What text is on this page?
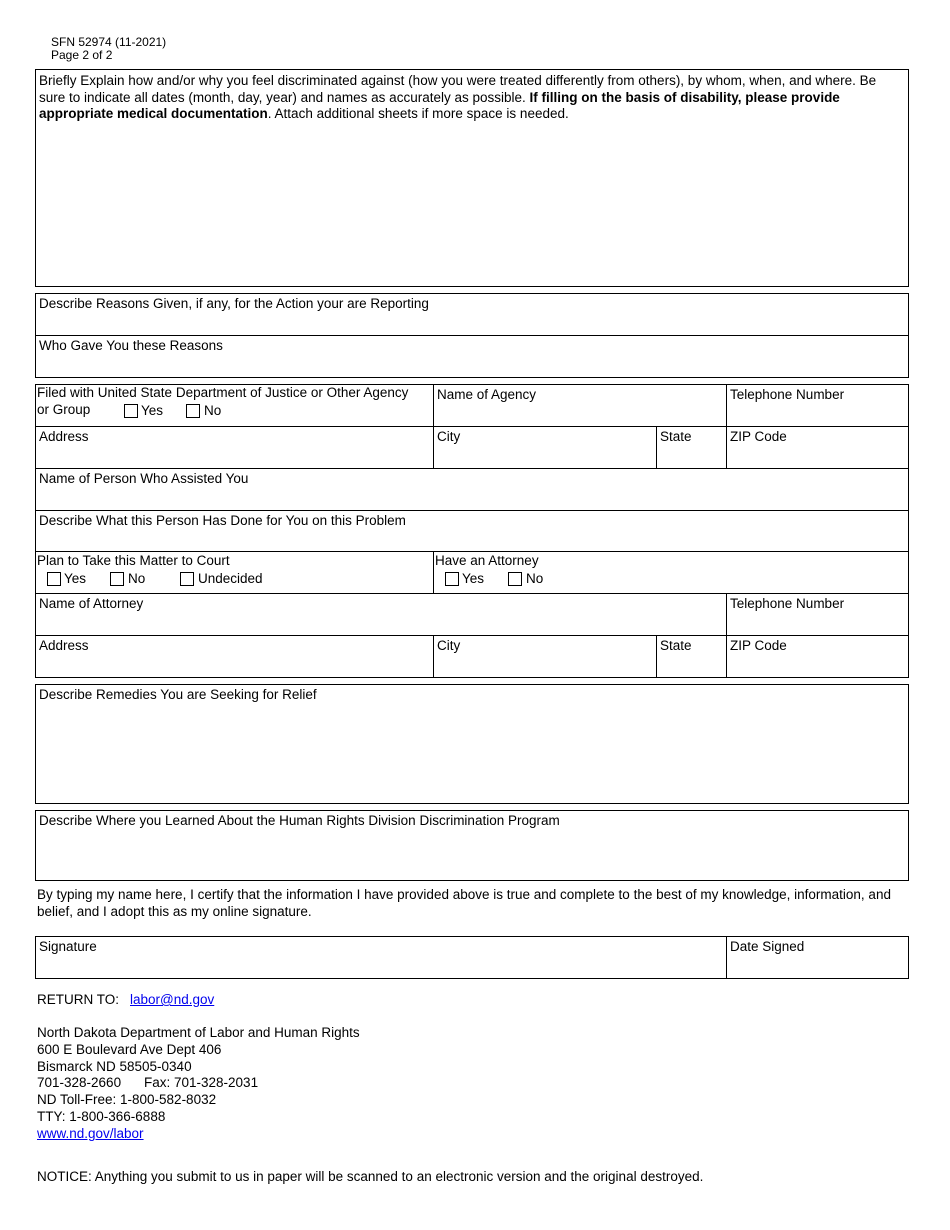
SFN 52974 (11-2021)
Page 2 of 2
Briefly Explain how and/or why you feel discriminated against (how you were treated differently from others), by whom, when, and where. Be sure to indicate all dates (month, day, year) and names as accurately as possible. If filling on the basis of disability, please provide appropriate medical documentation. Attach additional sheets if more space is needed.
Describe Reasons Given, if any, for the Action your are Reporting
Who Gave You these Reasons
Filed with United State Department of Justice or Other Agency
or Group	Yes	No
Name of Agency	Telephone Number
Address	City	State	ZIP Code
Name of Person Who Assisted You
Describe What this Person Has Done for You on this Problem
Plan to Take this Matter to Court
Yes	No	Undecided
Have an Attorney
Yes	No
Name of Attorney	Telephone Number
Address	City	State	ZIP Code
Describe Remedies You are Seeking for Relief
Describe Where you Learned About the Human Rights Division Discrimination Program
By typing my name here, I certify that the information I have provided above is true and complete to the best of my knowledge, information, and belief, and I adopt this as my online signature.
Signature	Date Signed
RETURN TO: labor@nd.gov
North Dakota Department of Labor and Human Rights
600 E Boulevard Ave Dept 406
Bismarck ND 58505-0340
701-328-2660 Fax: 701-328-2031
ND Toll-Free: 1-800-582-8032
TTY: 1-800-366-6888
www.nd.gov/labor
NOTICE: Anything you submit to us in paper will be scanned to an electronic version and the original destroyed.
